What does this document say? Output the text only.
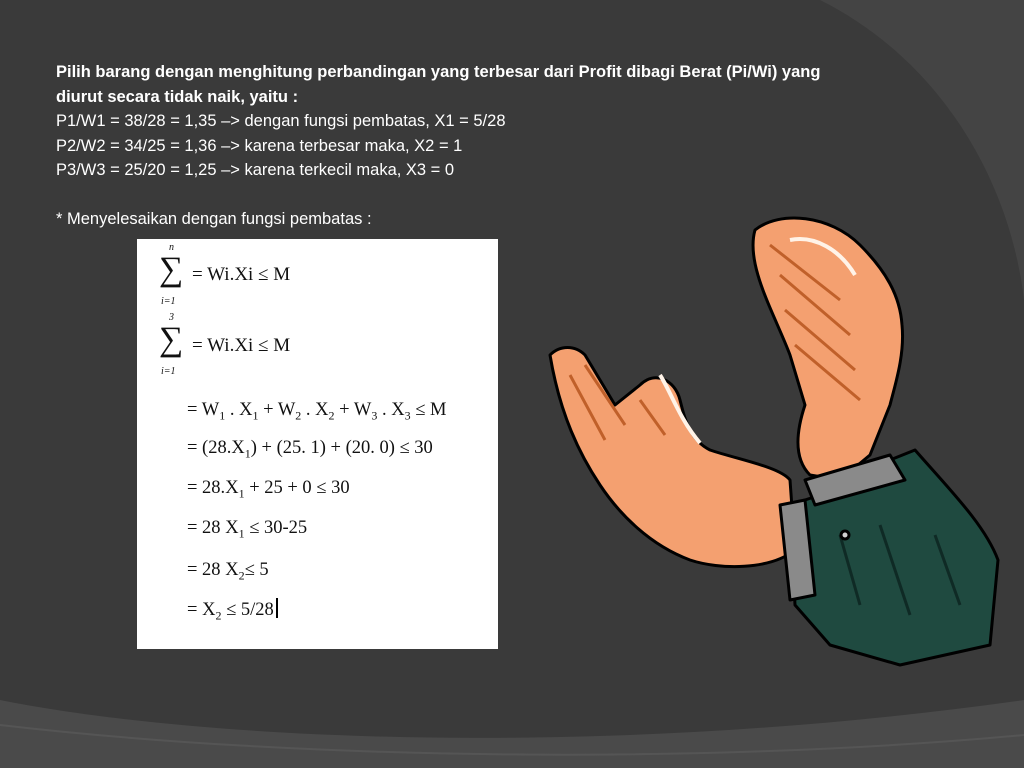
Pilih barang dengan menghitung perbandingan yang terbesar dari Profit dibagi Berat (Pi/Wi) yang
diurut secara tidak naik, yaitu :
P1/W1 = 38/28 = 1,35 –> dengan fungsi pembatas, X1 = 5/28
P2/W2 = 34/25 = 1,36 –> karena terbesar maka, X2 = 1
P3/W3 = 25/20 = 1,25 –> karena terkecil maka, X3 = 0
* Menyelesaikan dengan fungsi pembatas :
n
∑
i=1
= Wi.Xi ≤ M
3
∑
i=1
= Wi.Xi ≤ M
= $W_1$ . $X_1 + W_2$ . $X_2 + W_3$ . $X_3 \le M$
= $(28.X_1) + (25$. 1) + (20. 0) ≤ 30
= $28.X_1 + 25 + 0 \le 30$
= 28 $X_1 \le 30-25$
= 28 $X_2\le 5$
= $X_2 \le 5/28$
